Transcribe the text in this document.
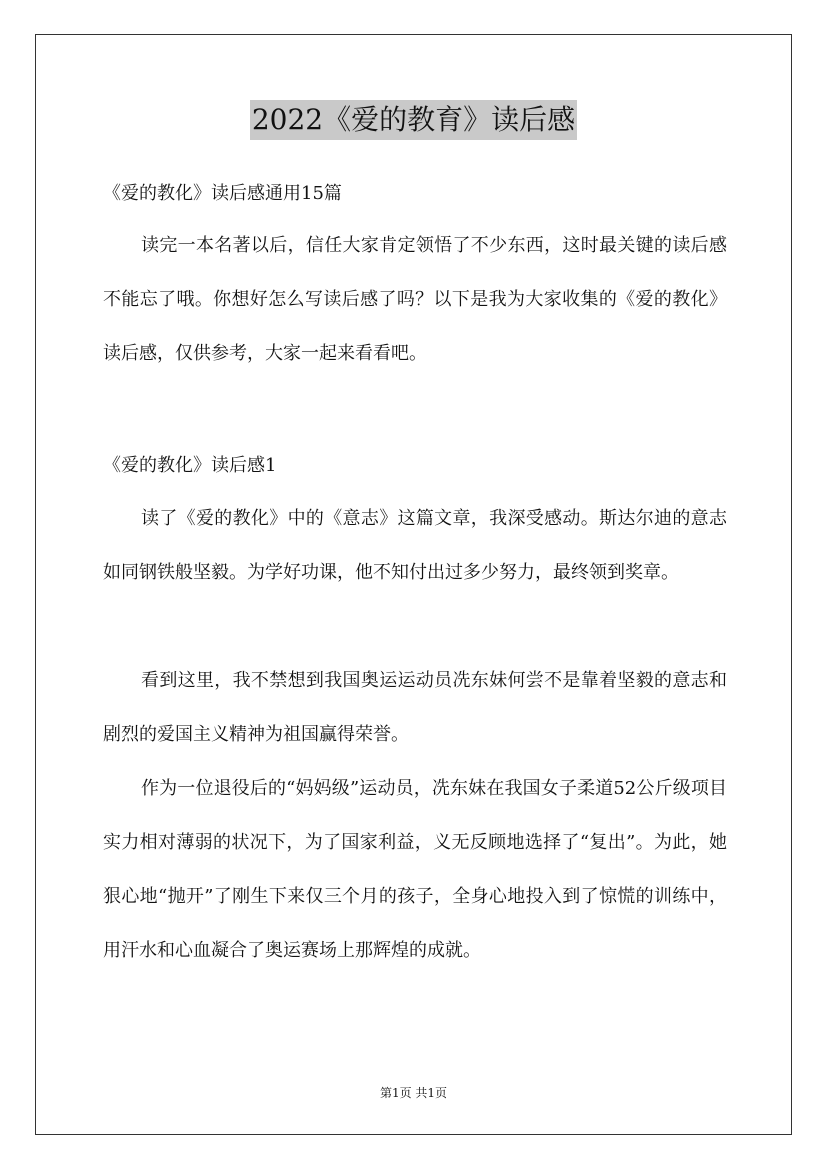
2022《爱的教育》读后感
《爱的教化》读后感通用15篇

读完一本名著以后，信任大家肯定领悟了不少东西，这时最关键的读后感不能忘了哦。你想好怎么写读后感了吗？以下是我为大家收集的《爱的教化》读后感，仅供参考，大家一起来看看吧。

《爱的教化》读后感1

读了《爱的教化》中的《意志》这篇文章，我深受感动。斯达尔迪的意志如同钢铁般坚毅。为学好功课，他不知付出过多少努力，最终领到奖章。

看到这里，我不禁想到我国奥运运动员冼东妹何尝不是靠着坚毅的意志和剧烈的爱国主义精神为祖国赢得荣誉。

作为一位退役后的“妈妈级”运动员，冼东妹在我国女子柔道52公斤级项目实力相对薄弱的状况下，为了国家利益，义无反顾地选择了“复出”。为此，她狠心地“抛开”了刚生下来仅三个月的孩子，全身心地投入到了惊慌的训练中，用汗水和心血凝合了奥运赛场上那辉煌的成就。

第1页 共1页
